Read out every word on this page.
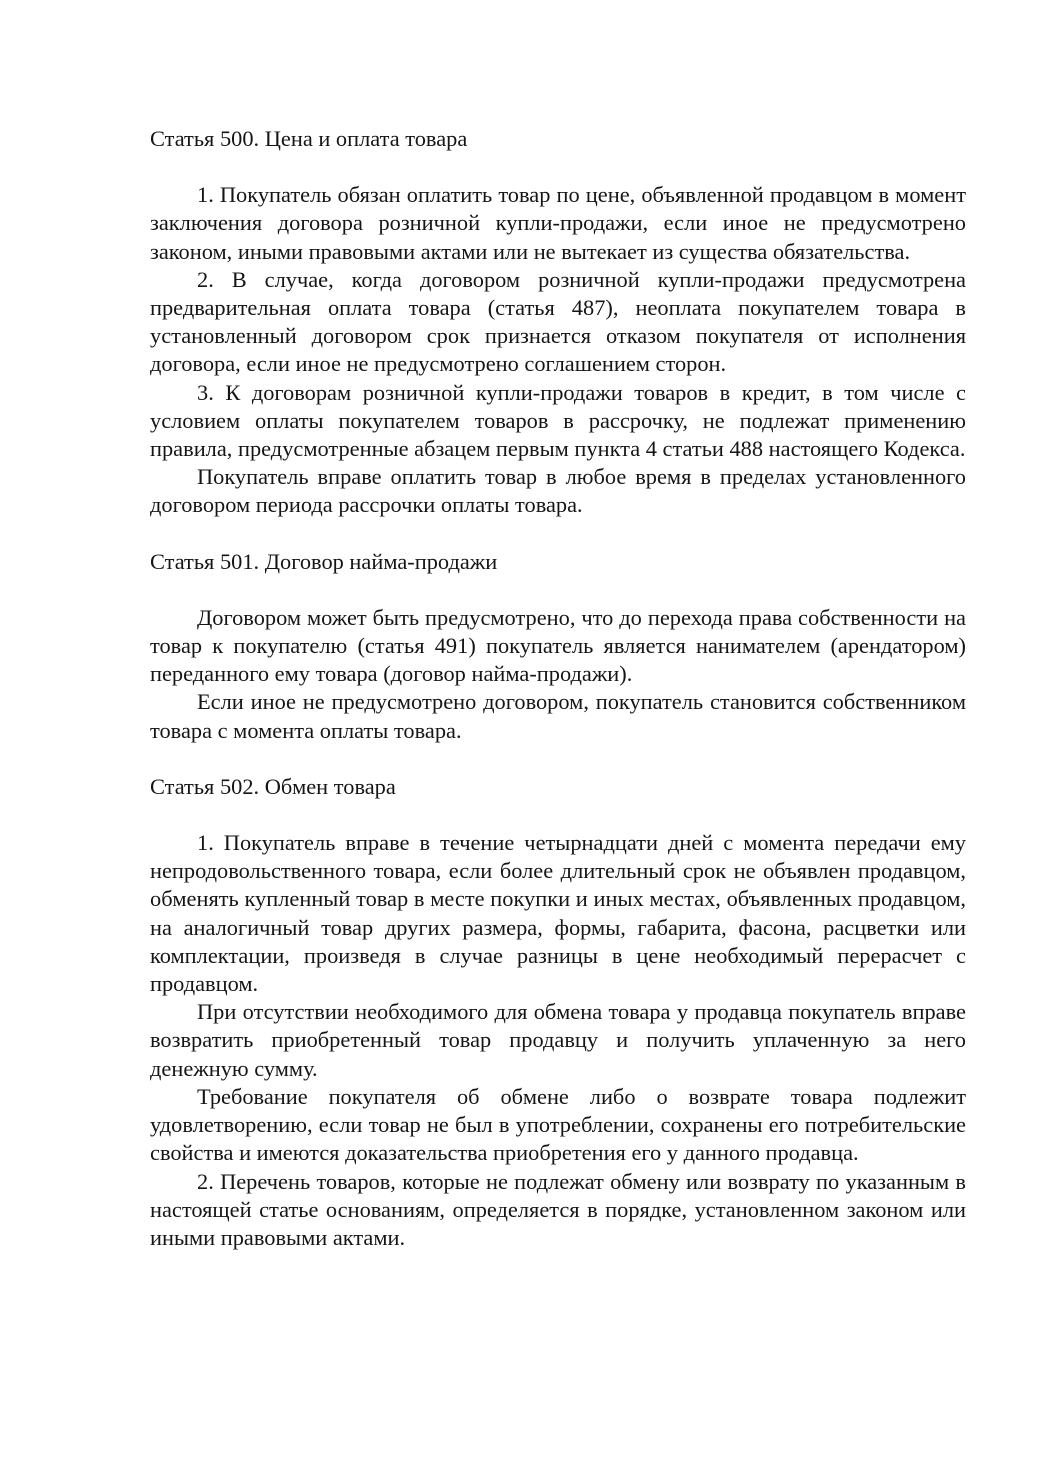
Статья 500. Цена и оплата товара

1. Покупатель обязан оплатить товар по цене, объявленной продавцом в момент заключения договора розничной купли-продажи, если иное не предусмотрено законом, иными правовыми актами или не вытекает из существа обязательства.

2. В случае, когда договором розничной купли-продажи предусмотрена предварительная оплата товара (статья 487), неоплата покупателем товара в установленный договором срок признается отказом покупателя от исполнения договора, если иное не предусмотрено соглашением сторон.

3. К договорам розничной купли-продажи товаров в кредит, в том числе с условием оплаты покупателем товаров в рассрочку, не подлежат применению правила, предусмотренные абзацем первым пункта 4 статьи 488 настоящего Кодекса.

Покупатель вправе оплатить товар в любое время в пределах установленного договором периода рассрочки оплаты товара.

Статья 501. Договор найма-продажи

Договором может быть предусмотрено, что до перехода права собственности на товар к покупателю (статья 491) покупатель является нанимателем (арендатором) переданного ему товара (договор найма-продажи).

Если иное не предусмотрено договором, покупатель становится собственником товара с момента оплаты товара.

Статья 502. Обмен товара

1. Покупатель вправе в течение четырнадцати дней с момента передачи ему непродовольственного товара, если более длительный срок не объявлен продавцом, обменять купленный товар в месте покупки и иных местах, объявленных продавцом, на аналогичный товар других размера, формы, габарита, фасона, расцветки или комплектации, произведя в случае разницы в цене необходимый перерасчет с продавцом.

При отсутствии необходимого для обмена товара у продавца покупатель вправе возвратить приобретенный товар продавцу и получить уплаченную за него денежную сумму.

Требование покупателя об обмене либо о возврате товара подлежит удовлетворению, если товар не был в употреблении, сохранены его потребительские свойства и имеются доказательства приобретения его у данного продавца.

2. Перечень товаров, которые не подлежат обмену или возврату по указанным в настоящей статье основаниям, определяется в порядке, установленном законом или иными правовыми актами.
